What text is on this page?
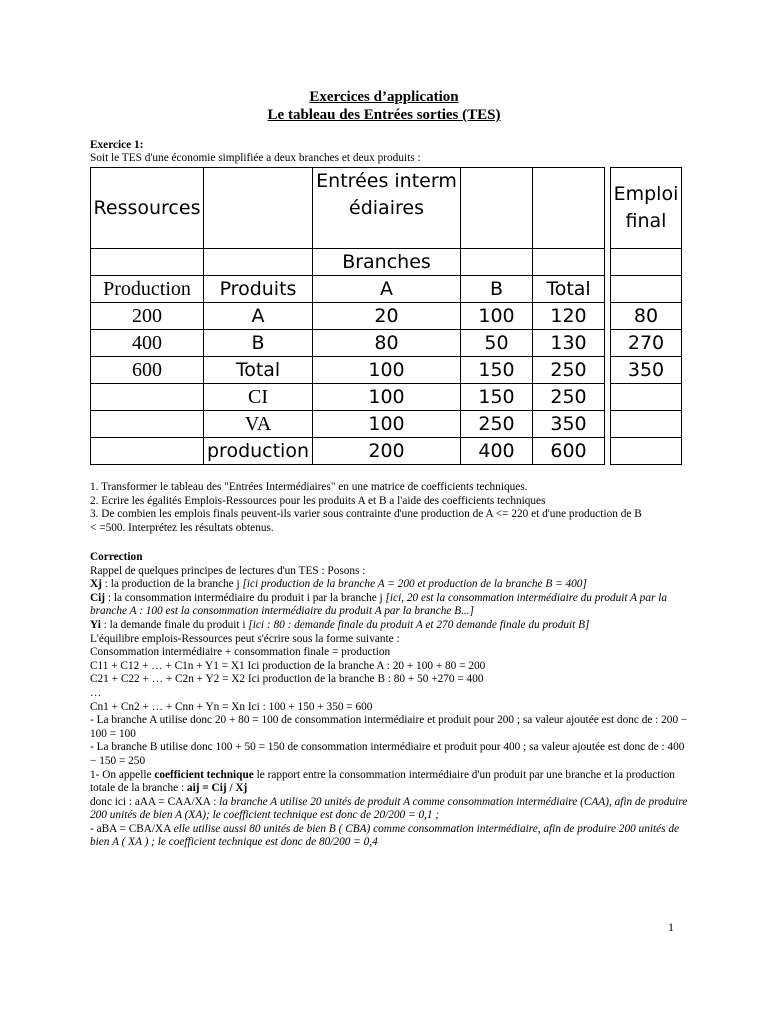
Exercices d’application
Le tableau des Entrées sorties (TES)
Exercice 1:
Soit le TES d'une économie simplifiée a deux branches et deux produits :
Ressources		Entrées intermédiaires				Emploi final
		Branches				
Production	Produits	A	B	Total		
200	A	20	100	120		80
400	B	80	50	130		270
600	Total	100	150	250		350
	CI	100	150	250		
	VA	100	250	350		
	production	200	400	600		
1. Transformer le tableau des "Entrées Intermédiaires" en une matrice de coefficients techniques.
2. Ecrire les égalités Emplois-Ressources pour les produits A et B a l'aide des coefficients techniques
3. De combien les emplois finals peuvent-ils varier sous contrainte d'une production de A <= 220 et d'une production de B < =500. Interprétez les résultats obtenus.
Correction
Rappel de quelques principes de lectures d'un TES : Posons :
Xj : la production de la branche j [ici production de la branche A = 200 et production de la branche B = 400]
Cij : la consommation intermédiaire du produit i par la branche j [ici, 20 est la consommation intermédiaire du produit A par la branche A : 100 est la consommation intermédiaire du produit A par la branche B...]
Yi : la demande finale du produit i [ici : 80 : demande finale du produit A et 270 demande finale du produit B]
L'équilibre emplois-Ressources peut s'écrire sous la forme suivante :
Consommation intermédiaire + consommation finale = production
C11 + C12 + … + C1n + Y1 = X1 Ici production de la branche A : 20 + 100 + 80 = 200
C21 + C22 + … + C2n + Y2 = X2 Ici production de la branche B : 80 + 50 +270 = 400
…
Cn1 + Cn2 + … + Cnn + Yn = Xn Ici : 100 + 150 + 350 = 600
- La branche A utilise donc 20 + 80 = 100 de consommation intermédiaire et produit pour 200 ; sa valeur ajoutée est donc de : 200 − 100 = 100
- La branche B utilise donc 100 + 50 = 150 de consommation intermédiaire et produit pour 400 ; sa valeur ajoutée est donc de : 400 − 150 = 250
1- On appelle coefficient technique le rapport entre la consommation intermédiaire d'un produit par une branche et la production totale de la branche : aij = Cij / Xj
donc ici : aAA = CAA/XA : la branche A utilise 20 unités de produit A comme consommation intermédiaire (CAA), afin de produire 200 unités de bien A (XA); le coefficient technique est donc de 20/200 = 0,1 ;
- aBA = CBA/XA elle utilise aussi 80 unités de bien B ( CBA) comme consommation intermédiaire, afin de produire 200 unités de bien A ( XA ) ; le coefficient technique est donc de 80/200 = 0,4
1
